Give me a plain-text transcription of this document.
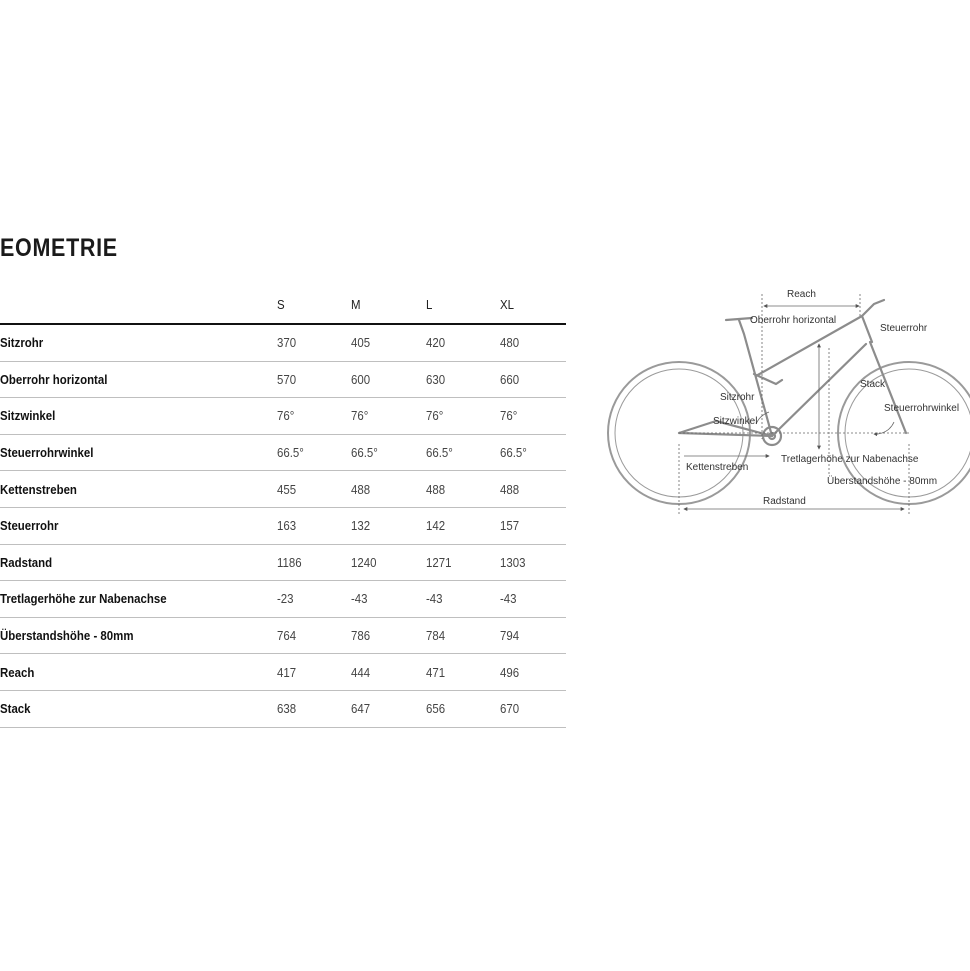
EOMETRIE
	S	M	L	XL
Sitzrohr	370	405	420	480
Oberrohr horizontal	570	600	630	660
Sitzwinkel	76°	76°	76°	76°
Steuerrohrwinkel	66.5°	66.5°	66.5°	66.5°
Kettenstreben	455	488	488	488
Steuerrohr	163	132	142	157
Radstand	1186	1240	1271	1303
Tretlagerhöhe zur Nabenachse	-23	-43	-43	-43
Überstandshöhe - 80mm	764	786	784	794
Reach	417	444	471	496
Stack	638	647	656	670
Reach
Oberrohr horizontal
Steuerrohr
Stack
Sitzrohr
Steuerrohrwinkel
Sitzwinkel
Kettenstreben
Tretlagerhöhe zur Nabenachse
Überstandshöhe - 80mm
Radstand
